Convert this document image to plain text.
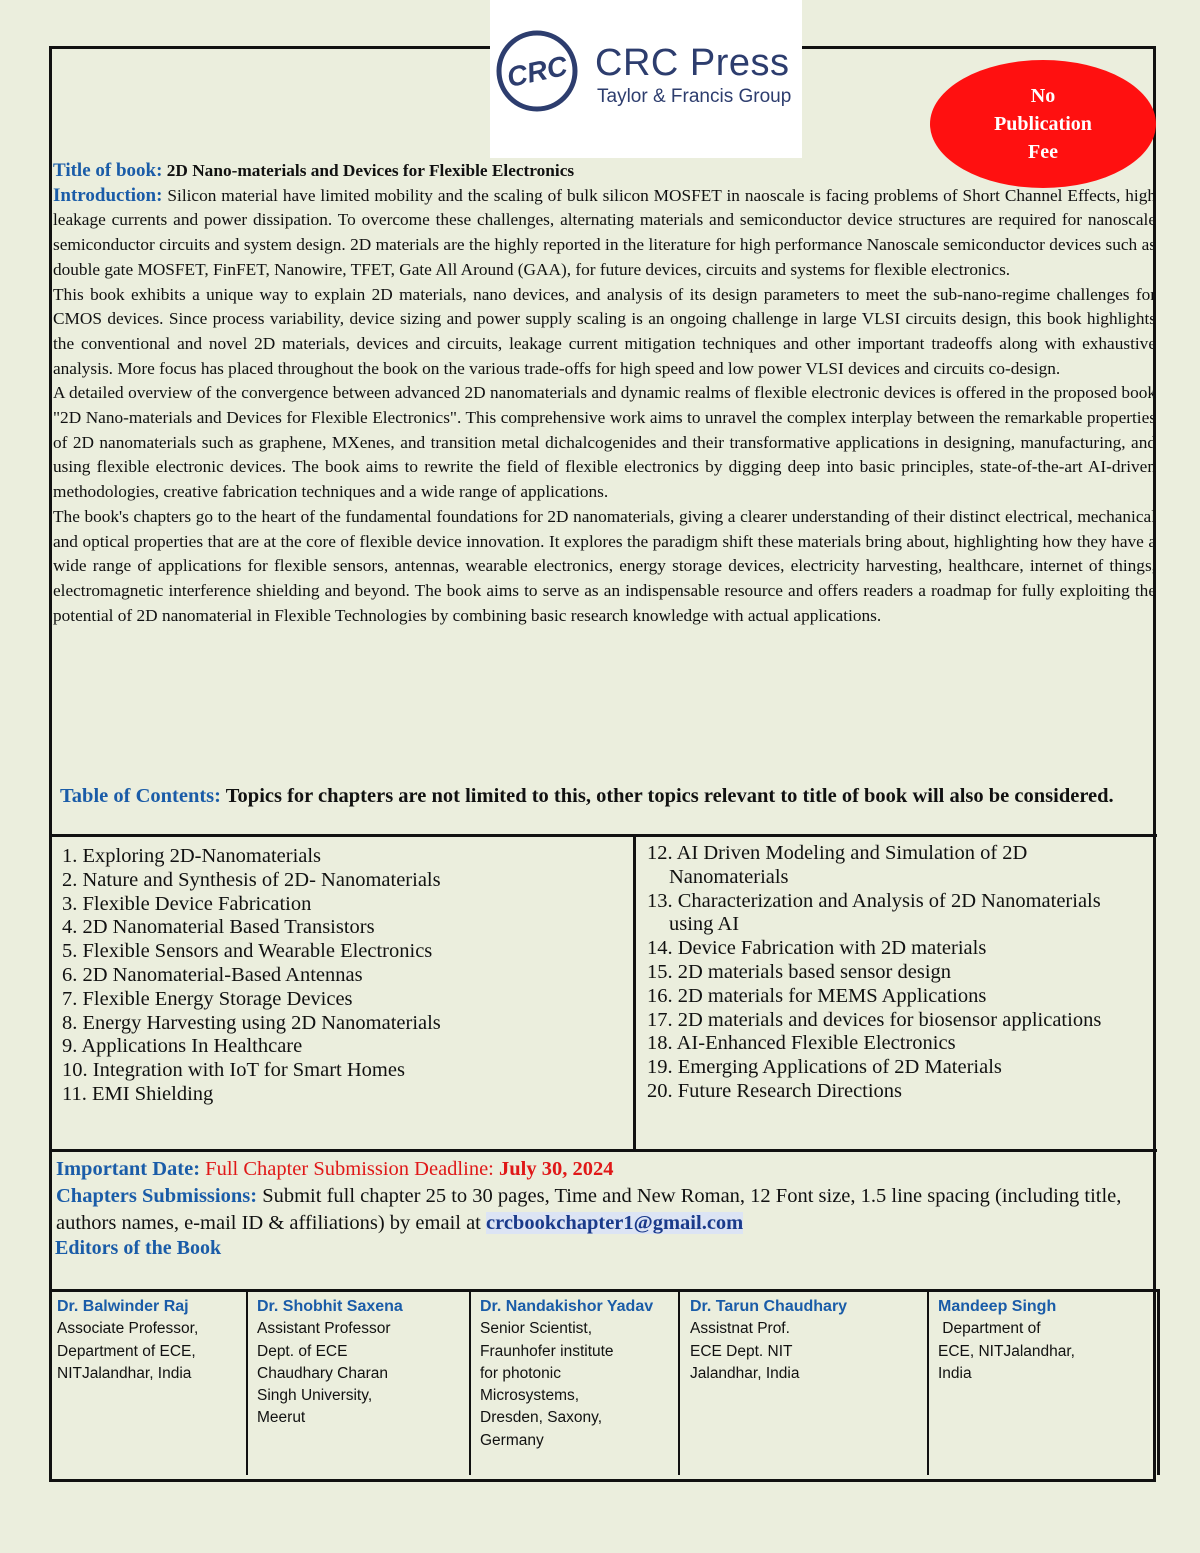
CRC CRC Press
Taylor & Francis Group	No
Publication
Fee

Title of book: 2D Nano-materials and Devices for Flexible Electronics

Introduction: Silicon material have limited mobility and the scaling of bulk silicon MOSFET in naoscale is facing problems of Short Channel Effects, high leakage currents and power dissipation. To overcome these challenges, alternating materials and semiconductor device structures are required for nanoscale semiconductor circuits and system design. 2D materials are the highly reported in the literature for high performance Nanoscale semiconductor devices such as double gate MOSFET, FinFET, Nanowire, TFET, Gate All Around (GAA), for future devices, circuits and systems for flexible electronics.

This book exhibits a unique way to explain 2D materials, nano devices, and analysis of its design parameters to meet the sub-nano-regime challenges for CMOS devices. Since process variability, device sizing and power supply scaling is an ongoing challenge in large VLSI circuits design, this book highlights the conventional and novel 2D materials, devices and circuits, leakage current mitigation techniques and other important tradeoffs along with exhaustive analysis. More focus has placed throughout the book on the various trade-offs for high speed and low power VLSI devices and circuits co-design.

A detailed overview of the convergence between advanced 2D nanomaterials and dynamic realms of flexible electronic devices is offered in the proposed book "2D Nano-materials and Devices for Flexible Electronics". This comprehensive work aims to unravel the complex interplay between the remarkable properties of 2D nanomaterials such as graphene, MXenes, and transition metal dichalcogenides and their transformative applications in designing, manufacturing, and using flexible electronic devices. The book aims to rewrite the field of flexible electronics by digging deep into basic principles, state-of-the-art AI-driven methodologies, creative fabrication techniques and a wide range of applications.

The book's chapters go to the heart of the fundamental foundations for 2D nanomaterials, giving a clearer understanding of their distinct electrical, mechanical and optical properties that are at the core of flexible device innovation. It explores the paradigm shift these materials bring about, highlighting how they have a wide range of applications for flexible sensors, antennas, wearable electronics, energy storage devices, electricity harvesting, healthcare, internet of things, electromagnetic interference shielding and beyond. The book aims to serve as an indispensable resource and offers readers a roadmap for fully exploiting the potential of 2D nanomaterial in Flexible Technologies by combining basic research knowledge with actual applications.

Table of Contents: Topics for chapters are not limited to this, other topics relevant to title of book will also be considered.
1. Exploring 2D-Nanomaterials
2. Nature and Synthesis of 2D- Nanomaterials
3. Flexible Device Fabrication
4. 2D Nanomaterial Based Transistors
5. Flexible Sensors and Wearable Electronics
6. 2D Nanomaterial-Based Antennas
7. Flexible Energy Storage Devices
8. Energy Harvesting using 2D Nanomaterials
9. Applications In Healthcare
10. Integration with IoT for Smart Homes
11. EMI Shielding
12. AI Driven Modeling and Simulation of 2D Nanomaterials
13. Characterization and Analysis of 2D Nanomaterials using AI
14. Device Fabrication with 2D materials
15. 2D materials based sensor design
16. 2D materials for MEMS Applications
17. 2D materials and devices for biosensor applications
18. AI-Enhanced Flexible Electronics
19. Emerging Applications of 2D Materials
20. Future Research Directions
Important Date: Full Chapter Submission Deadline: July 30, 2024
Chapters Submissions: Submit full chapter 25 to 30 pages, Time and New Roman, 12 Font size, 1.5 line spacing (including title, authors names, e-mail ID & affiliations) by email at crcbookchapter1@gmail.com
Editors of the Book
Dr. Balwinder Raj
Associate Professor,
Department of ECE,
NITJalandhar, India
Dr. Shobhit Saxena
Assistant Professor
Dept. of ECE
Chaudhary Charan
Singh University,
Meerut
Dr. Nandakishor Yadav
Senior Scientist,
Fraunhofer institute
for photonic
Microsystems,
Dresden, Saxony,
Germany
Dr. Tarun Chaudhary
Assistnat Prof.
ECE Dept. NIT
Jalandhar, India
Mandeep Singh
Department of
ECE, NITJalandhar,
India
